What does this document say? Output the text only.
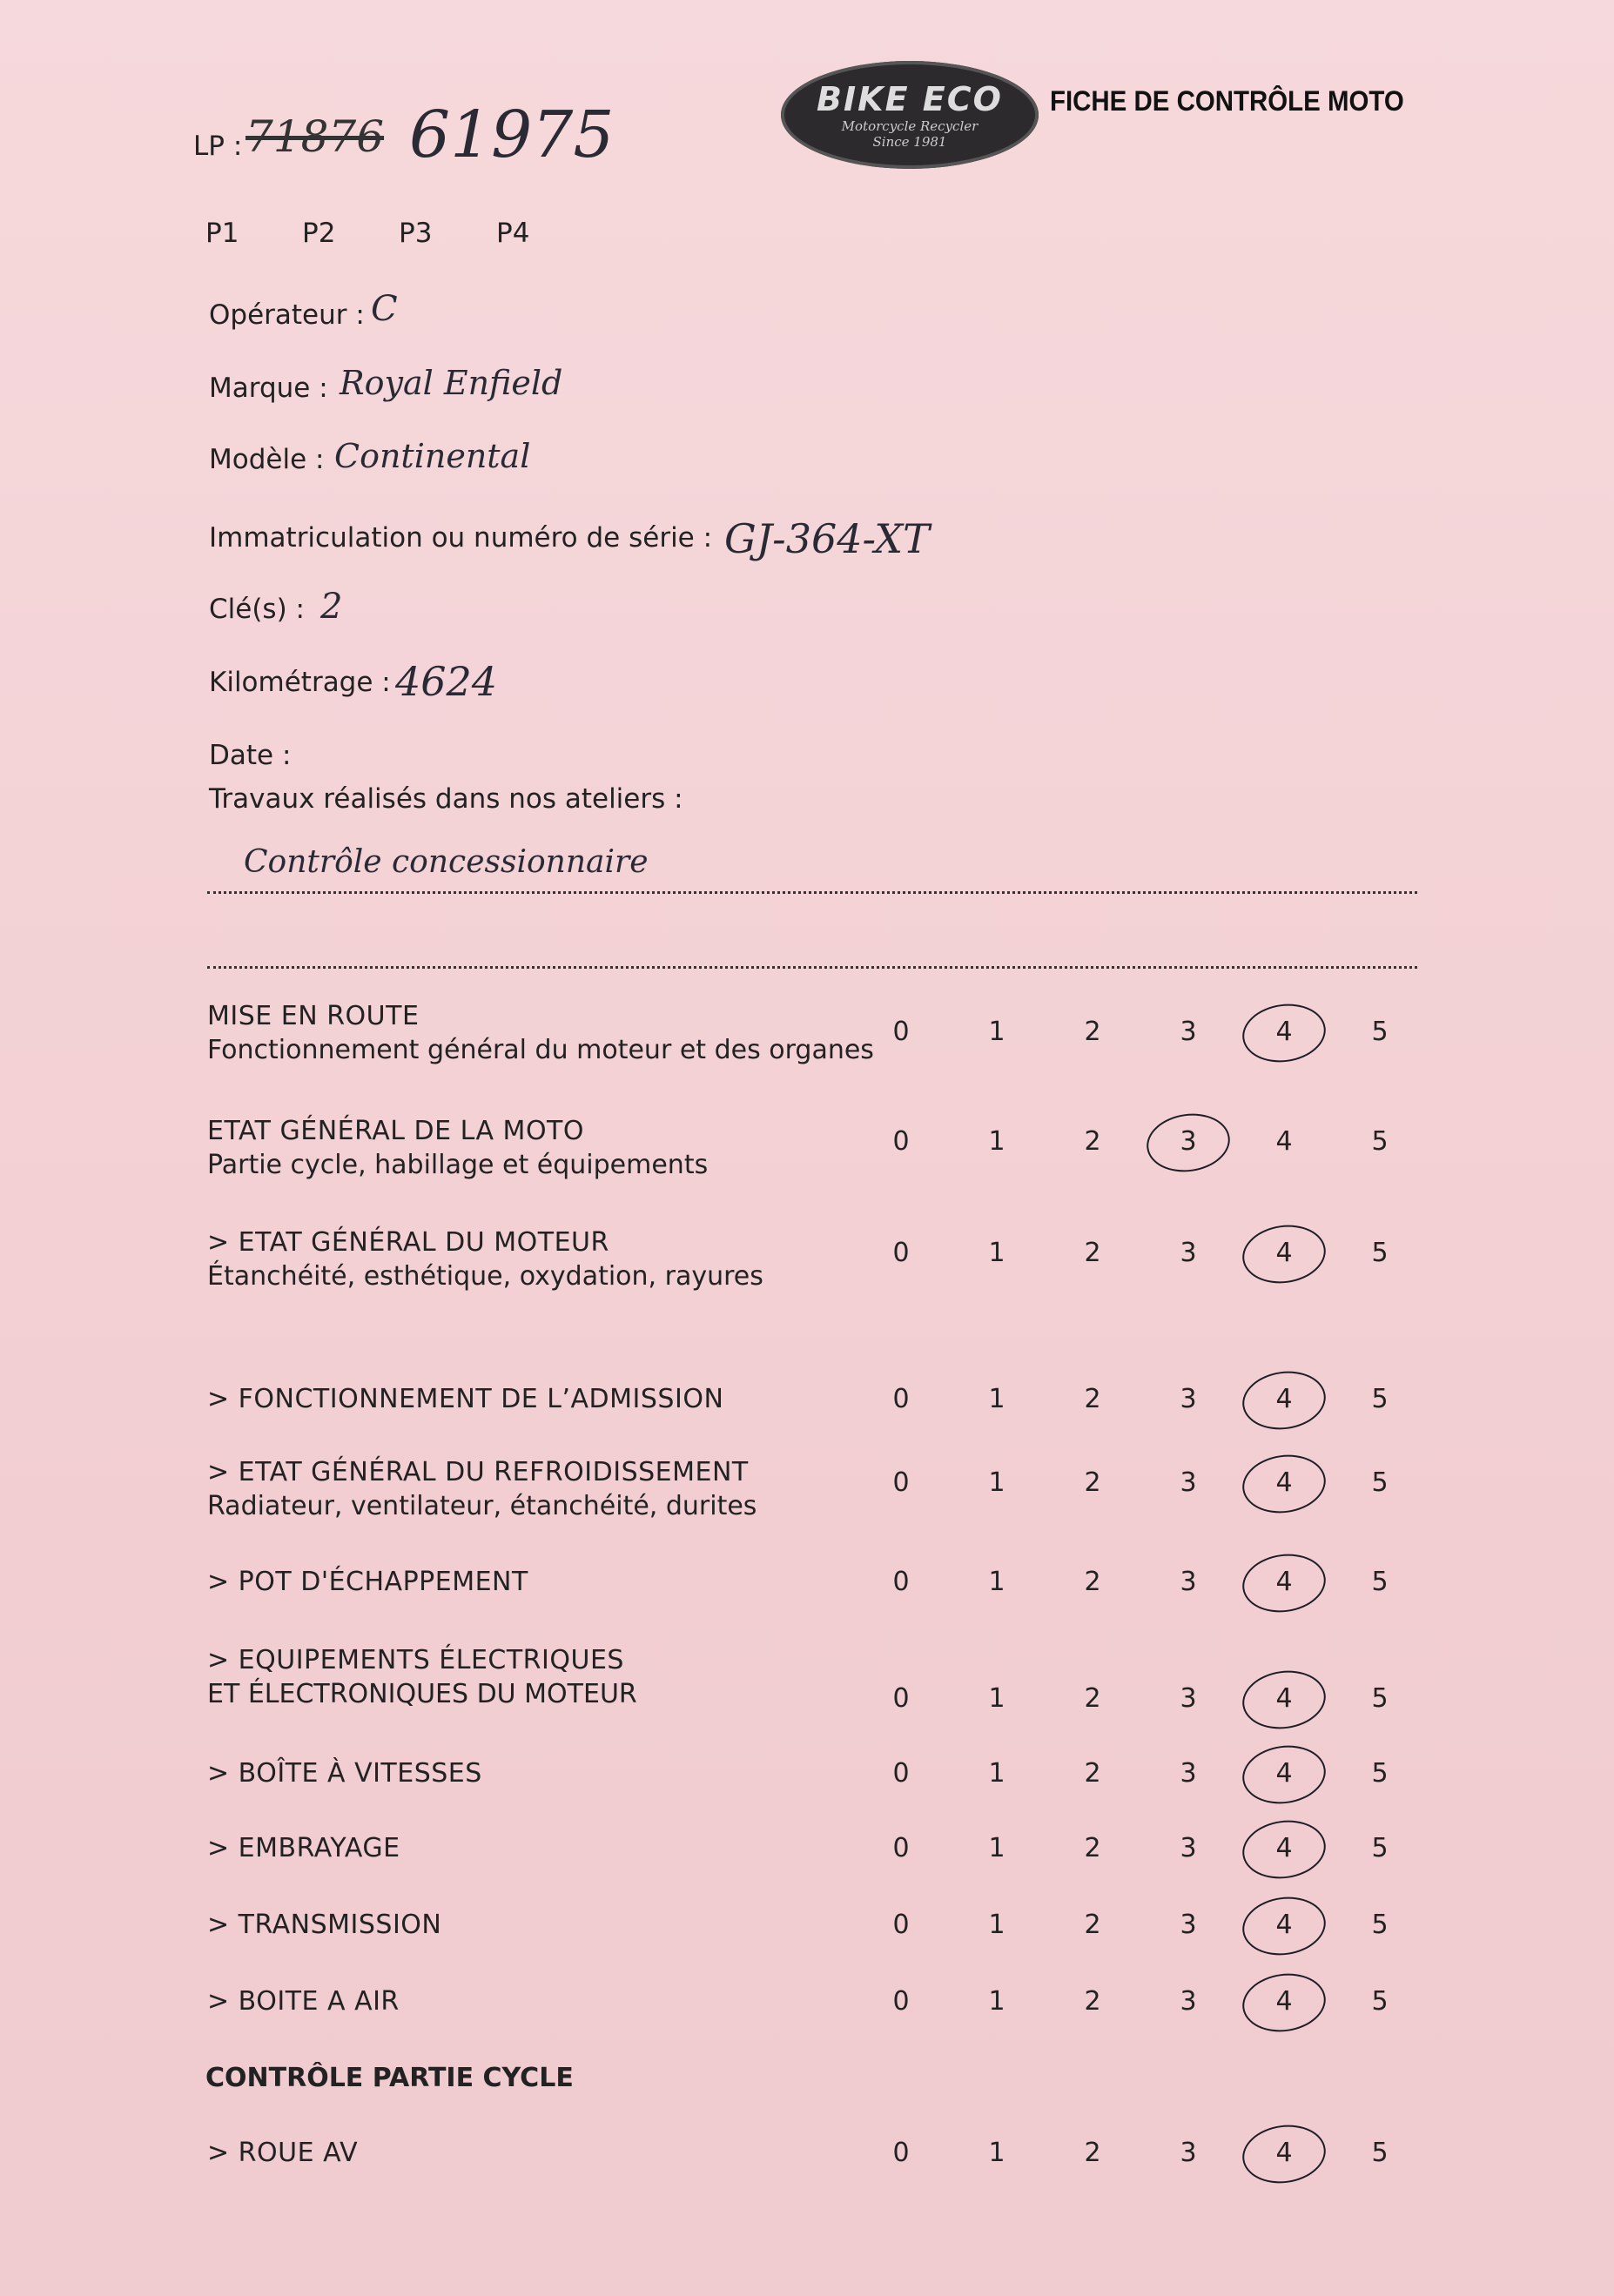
LP : 71876 61975	BIKE ECO
Motorcycle Recycler
Since 1981
FICHE DE CONTRÔLE MOTO
P1 P2 P3 P4
Opérateur : C
Marque : Royal Enfield
Modèle : Continental
Immatriculation ou numéro de série : GJ-364-XT
Clé(s) : 2
Kilométrage : 4624
Date :
Travaux réalisés dans nos ateliers :
Contrôle concessionnaire
MISE EN ROUTE
Fonctionnement général du moteur et des organes
0	1	2	3	4	5
ETAT GÉNÉRAL DE LA MOTO
Partie cycle, habillage et équipements
0	1	2	3	4	5
> ETAT GÉNÉRAL DU MOTEUR
Étanchéité, esthétique, oxydation, rayures
0	1	2	3	4	5
> FONCTIONNEMENT DE L’ADMISSION	0	1	2	3	4	5
> ETAT GÉNÉRAL DU REFROIDISSEMENT
Radiateur, ventilateur, étanchéité, durites
0	1	2	3	4	5
> POT D'ÉCHAPPEMENT	0	1	2	3	4	5
> EQUIPEMENTS ÉLECTRIQUES
ET ÉLECTRONIQUES DU MOTEUR	0	1	2	3	4	5
> BOÎTE À VITESSES	0	1	2	3	4	5
> EMBRAYAGE	0	1	2	3	4	5
> TRANSMISSION	0	1	2	3	4	5
> BOITE A AIR	0	1	2	3	4	5
CONTRÔLE PARTIE CYCLE
> ROUE AV	0	1	2	3	4	5
